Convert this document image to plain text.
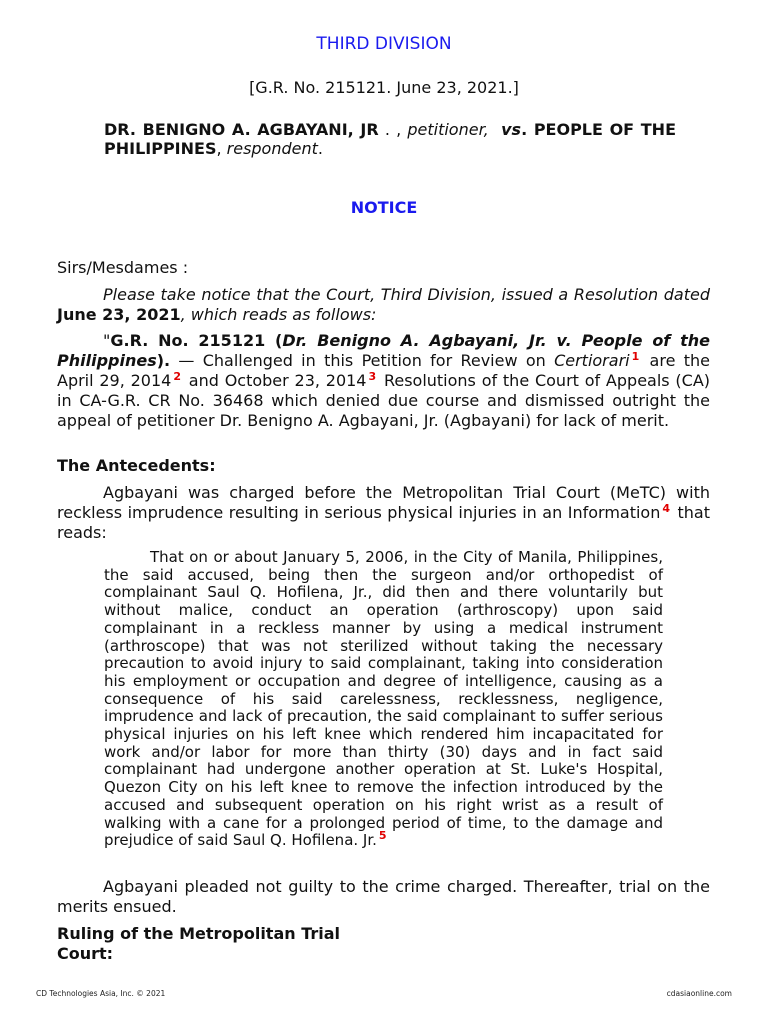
THIRD DIVISION
[G.R. No. 215121. June 23, 2021.]
DR. BENIGNO A. AGBAYANI, JR . , petitioner, vs. PEOPLE OF THE PHILIPPINES, respondent.
NOTICE
Sirs/Mesdames :
Please take notice that the Court, Third Division, issued a Resolution dated June 23, 2021, which reads as follows:
"G.R. No. 215121 (Dr. Benigno A. Agbayani, Jr. v. People of the Philippines). — Challenged in this Petition for Review on Certiorari $^1$ are the April 29, 2014 $^2$ and October 23, 2014 $^3$ Resolutions of the Court of Appeals (CA) in CA-G.R. CR No. 36468 which denied due course and dismissed outright the appeal of petitioner Dr. Benigno A. Agbayani, Jr. (Agbayani) for lack of merit.
The Antecedents:
Agbayani was charged before the Metropolitan Trial Court (MeTC) with reckless imprudence resulting in serious physical injuries in an Information $^4$ that reads:
That on or about January 5, 2006, in the City of Manila, Philippines, the said accused, being then the surgeon and/or orthopedist of complainant Saul Q. Hofilena, Jr., did then and there voluntarily but without malice, conduct an operation (arthroscopy) upon said complainant in a reckless manner by using a medical instrument (arthroscope) that was not sterilized without taking the necessary precaution to avoid injury to said complainant, taking into consideration his employment or occupation and degree of intelligence, causing as a consequence of his said carelessness, recklessness, negligence, imprudence and lack of precaution, the said complainant to suffer serious physical injuries on his left knee which rendered him incapacitated for work and/or labor for more than thirty (30) days and in fact said complainant had undergone another operation at St. Luke's Hospital, Quezon City on his left knee to remove the infection introduced by the accused and subsequent operation on his right wrist as a result of walking with a cane for a prolonged period of time, to the damage and prejudice of said Saul Q. Hofilena. Jr. $^5$
Agbayani pleaded not guilty to the crime charged. Thereafter, trial on the merits ensued.
Ruling of the Metropolitan Trial
Court:
CD Technologies Asia, Inc. © 2021	cdasiaonline.com
